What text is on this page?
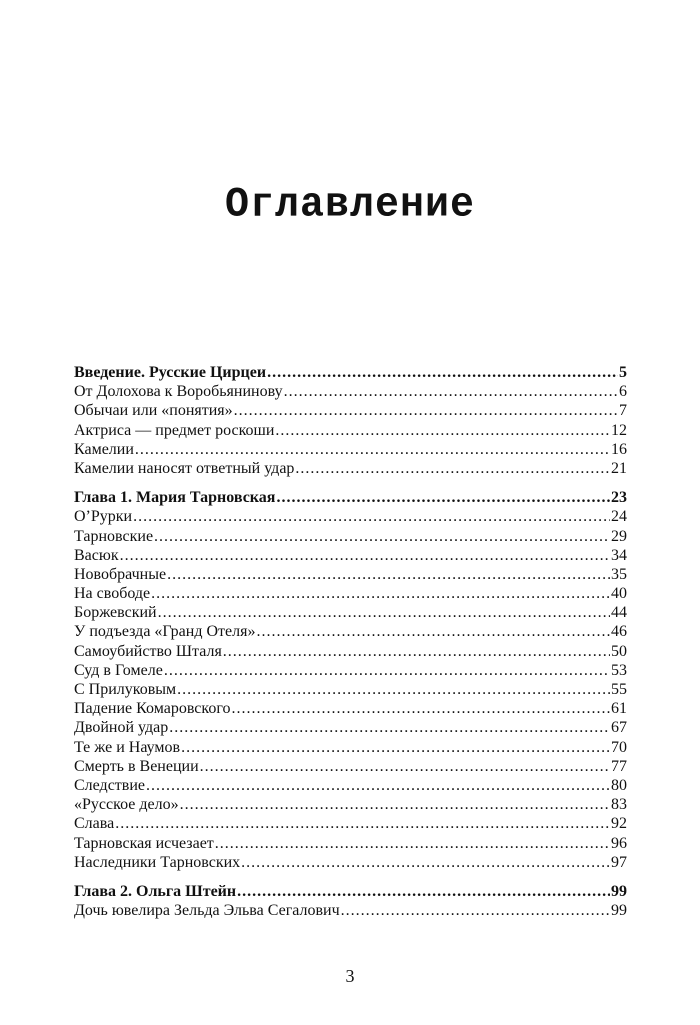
Оглавление
Введение. Русские Цирцеи .....	5
От Долохова к Воробьянинову .....	6
Обычаи или «понятия» .....	7
Актриса — предмет роскоши .....	12
Камелии .....	16
Камелии наносят ответный удар .....	21
Глава 1. Мария Тарновская .....	23
О’Рурки .....	24
Тарновские .....	29
Васюк .....	34
Новобрачные .....	35
На свободе .....	40
Боржевский .....	44
У подъезда «Гранд Отеля» .....	46
Самоубийство Шталя .....	50
Суд в Гомеле .....	53
С Прилуковым .....	55
Падение Комаровского .....	61
Двойной удар .....	67
Те же и Наумов .....	70
Смерть в Венеции .....	77
Следствие .....	80
«Русское дело» .....	83
Слава .....	92
Тарновская исчезает .....	96
Наследники Тарновских .....	97
Глава 2. Ольга Штейн .....	99
Дочь ювелира Зельда Эльва Сегалович .....	99
3
